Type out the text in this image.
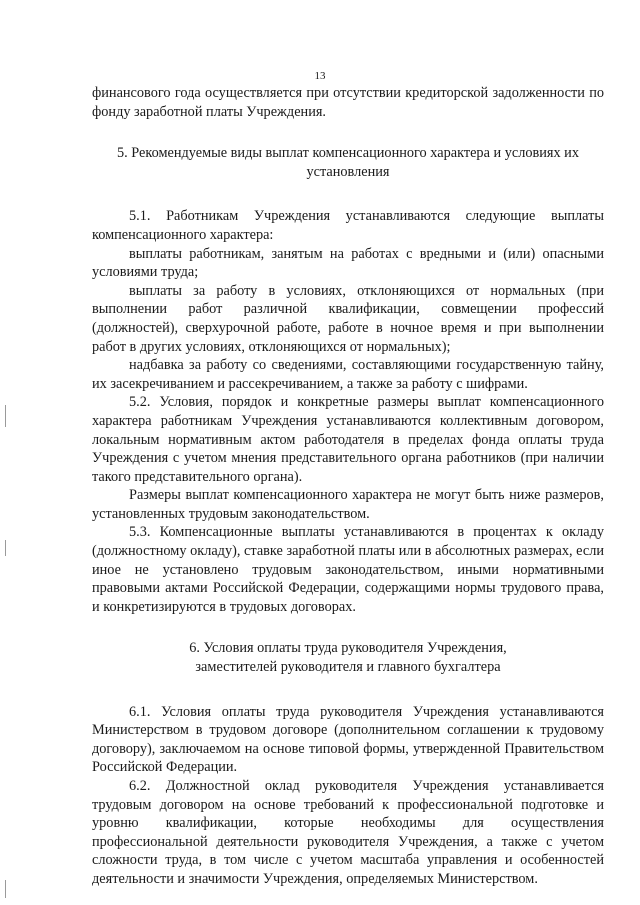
13

финансового года осуществляется при отсутствии кредиторской задолженности по фонду заработной платы Учреждения.

5. Рекомендуемые виды выплат компенсационного характера и условиях их

установления

5.1. Работникам Учреждения устанавливаются следующие выплаты компенсационного характера:

выплаты работникам, занятым на работах с вредными и (или) опасными условиями труда;

выплаты за работу в условиях, отклоняющихся от нормальных (при выполнении работ различной квалификации, совмещении профессий (должностей), сверхурочной работе, работе в ночное время и при выполнении работ в других условиях, отклоняющихся от нормальных);

надбавка за работу со сведениями, составляющими государственную тайну, их засекречиванием и рассекречиванием, а также за работу с шифрами.

5.2. Условия, порядок и конкретные размеры выплат компенсационного характера работникам Учреждения устанавливаются коллективным договором, локальным нормативным актом работодателя в пределах фонда оплаты труда Учреждения с учетом мнения представительного органа работников (при наличии такого представительного органа).

Размеры выплат компенсационного характера не могут быть ниже размеров, установленных трудовым законодательством.

5.3. Компенсационные выплаты устанавливаются в процентах к окладу (должностному окладу), ставке заработной платы или в абсолютных размерах, если иное не установлено трудовым законодательством, иными нормативными правовыми актами Российской Федерации, содержащими нормы трудового права, и конкретизируются в трудовых договорах.

6. Условия оплаты труда руководителя Учреждения,

заместителей руководителя и главного бухгалтера

6.1. Условия оплаты труда руководителя Учреждения устанавливаются Министерством в трудовом договоре (дополнительном соглашении к трудовому договору), заключаемом на основе типовой формы, утвержденной Правительством Российской Федерации.

6.2. Должностной оклад руководителя Учреждения устанавливается трудовым договором на основе требований к профессиональной подготовке и уровню квалификации, которые необходимы для осуществления профессиональной деятельности руководителя Учреждения, а также с учетом сложности труда, в том числе с учетом масштаба управления и особенностей деятельности и значимости Учреждения, определяемых Министерством.
